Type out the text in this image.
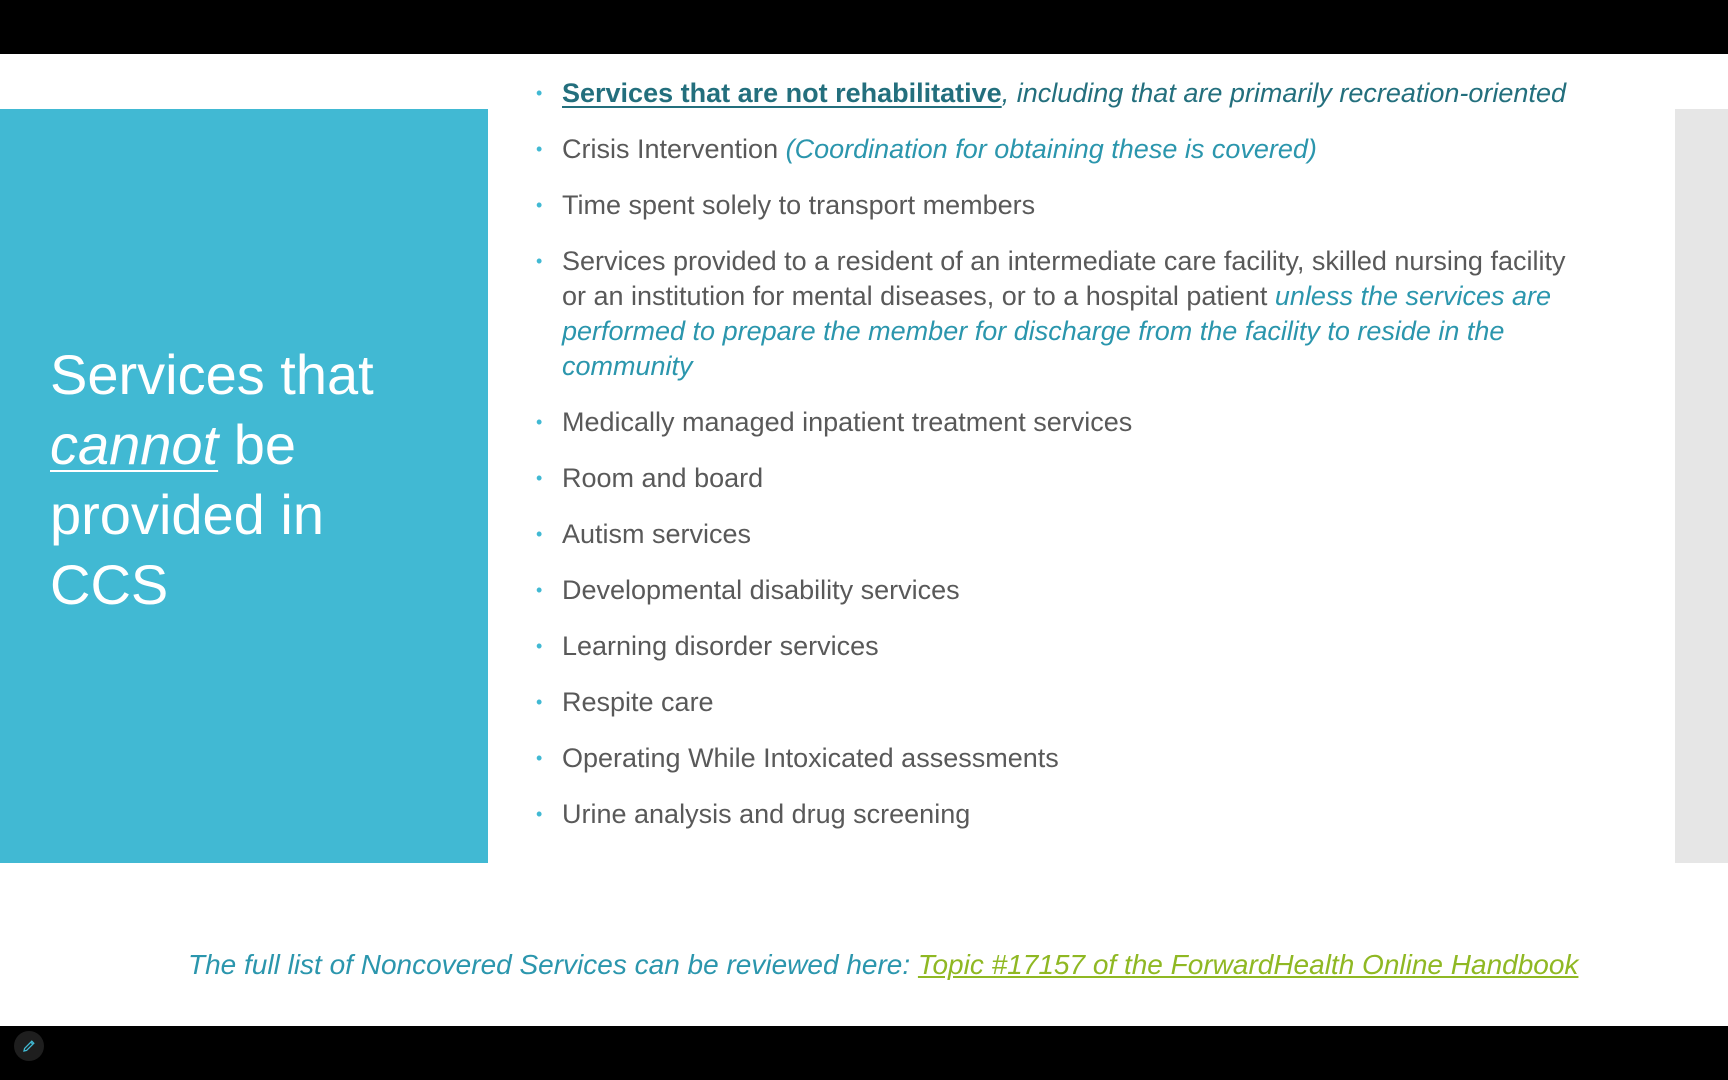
Services that
cannot be
provided in
CCS
• Services that are not rehabilitative, including that are primarily recreation-oriented
• Crisis Intervention (Coordination for obtaining these is covered)
• Time spent solely to transport members
• Services provided to a resident of an intermediate care facility, skilled nursing facility or an institution for mental diseases, or to a hospital patient unless the services are performed to prepare the member for discharge from the facility to reside in the community
• Medically managed inpatient treatment services
• Room and board
• Autism services
• Developmental disability services
• Learning disorder services
• Respite care
• Operating While Intoxicated assessments
• Urine analysis and drug screening
The full list of Noncovered Services can be reviewed here: Topic #17157 of the ForwardHealth Online Handbook
